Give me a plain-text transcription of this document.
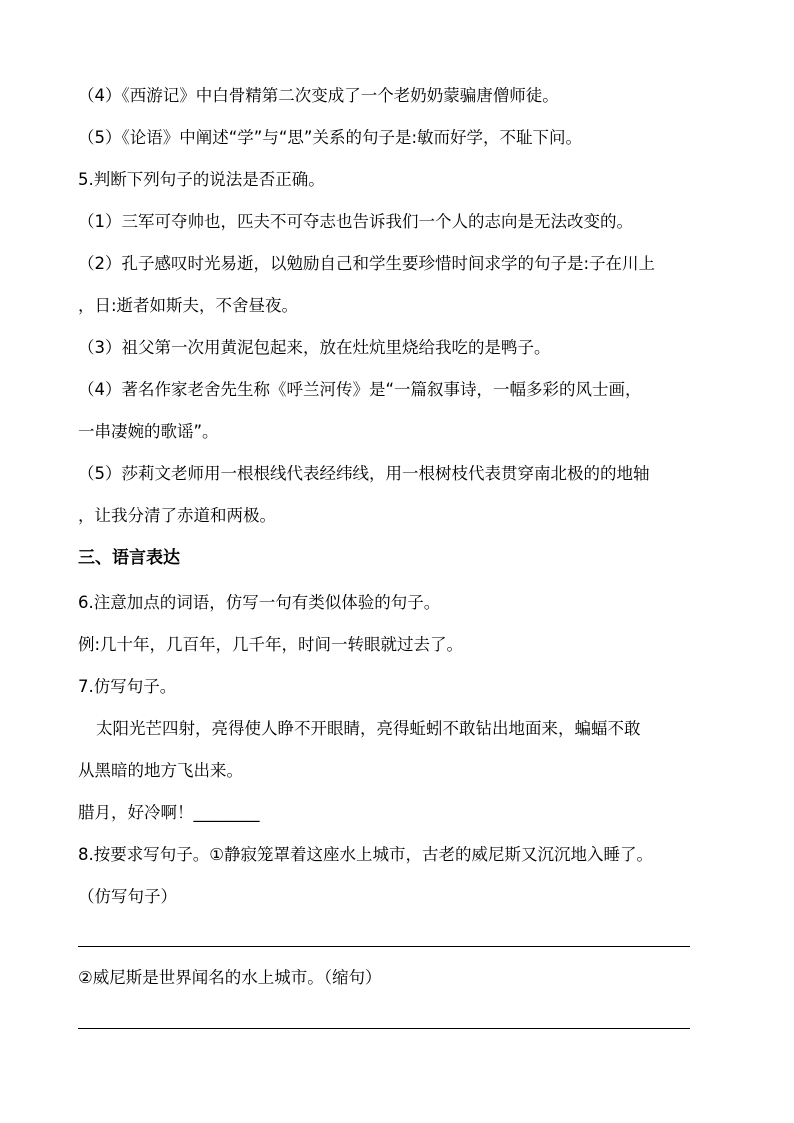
（4）《西游记》中白骨精第二次变成了一个老奶奶蒙骗唐僧师徒。
（5）《论语》中阐述“学”与“思”关系的句子是:敏而好学，不耻下问。
5.判断下列句子的说法是否正确。
（1）三军可夺帅也，匹夫不可夺志也告诉我们一个人的志向是无法改变的。
（2）孔子感叹时光易逝，以勉励自己和学生要珍惜时间求学的句子是:子在川上
，日:逝者如斯夫，不舍昼夜。
（3）祖父第一次用黄泥包起来，放在灶炕里烧给我吃的是鸭子。
（4）著名作家老舍先生称《呼兰河传》是“一篇叙事诗，一幅多彩的风士画，
一串凄婉的歌谣”。
（5）莎莉文老师用一根根线代表经纬线，用一根树枝代表贯穿南北极的的地轴
，让我分清了赤道和两极。
三、语言表达
6.注意加点的词语，仿写一句有类似体验的句子。
例:几十年，几百年，几千年，时间一转眼就过去了。
7.仿写句子。
太阳光芒四射，亮得使人睁不开眼睛，亮得蚯蚓不敢钻出地面来，蝙蝠不敢
从黑暗的地方飞出来。
腊月，好冷啊！________
8.按要求写句子。①静寂笼罩着这座水上城市，古老的威尼斯又沉沉地入睡了。
（仿写句子）
②威尼斯是世界闻名的水上城市。（缩句）
